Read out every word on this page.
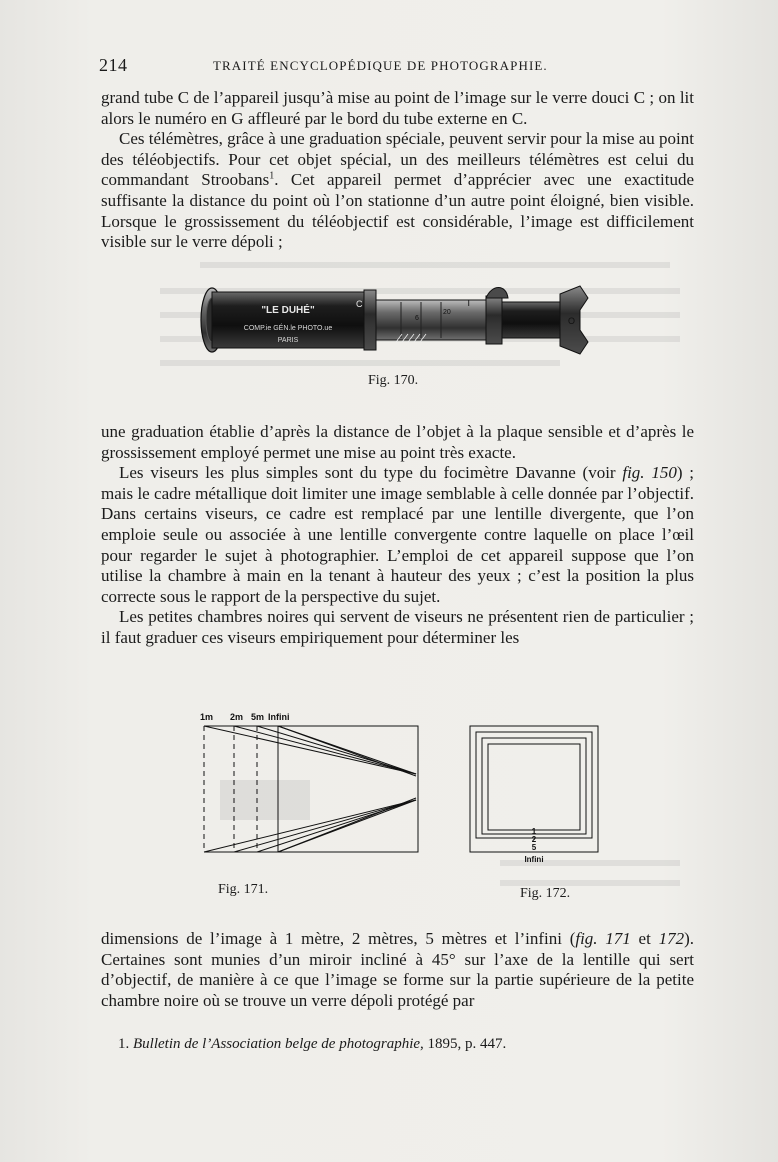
214	TRAITÉ ENCYCLOPÉDIQUE DE PHOTOGRAPHIE.

grand tube C de l’appareil jusqu’à mise au point de l’image sur le verre douci C ; on lit alors le numéro en G affleuré par le bord du tube externe en C.

Ces télémètres, grâce à une graduation spéciale, peuvent servir pour la mise au point des téléobjectifs. Pour cet objet spécial, un des meilleurs télémètres est celui du commandant Stroobans$^1$. Cet appareil permet d’apprécier avec une exactitude suffisante la distance du point où l’on stationne d’un autre point éloigné, bien visible. Lorsque le grossissement du téléobjectif est considérable, l’image est difficilement visible sur le verre dépoli ;

"LE DUHÉ"
COMP.ie GÉN.le PHOTO.ue
PARIS
C	T
O
20
6
Fig. 170.

une graduation établie d’après la distance de l’objet à la plaque sensible et d’après le grossissement employé permet une mise au point très exacte.

Les viseurs les plus simples sont du type du focimètre Davanne (voir fig. 150) ; mais le cadre métallique doit limiter une image semblable à celle donnée par l’objectif. Dans certains viseurs, ce cadre est remplacé par une lentille divergente, que l’on emploie seule ou associée à une lentille convergente contre laquelle on place l’œil pour regarder le sujet à photographier. L’emploi de cet appareil suppose que l’on utilise la chambre à main en la tenant à hauteur des yeux ; c’est la position la plus correcte sous le rapport de la perspective du sujet.

Les petites chambres noires qui servent de viseurs ne présentent rien de particulier ; il faut graduer ces viseurs empiriquement pour déterminer les

1m 2m 5m Infini
Fig. 171.
1
2
5
Infini
Fig. 172.

dimensions de l’image à 1 mètre, 2 mètres, 5 mètres et l’infini (fig. 171 et 172). Certaines sont munies d’un miroir incliné à 45° sur l’axe de la lentille qui sert d’objectif, de manière à ce que l’image se forme sur la partie supérieure de la petite chambre noire où se trouve un verre dépoli protégé par

1. Bulletin de l’Association belge de photographie, 1895, p. 447.
